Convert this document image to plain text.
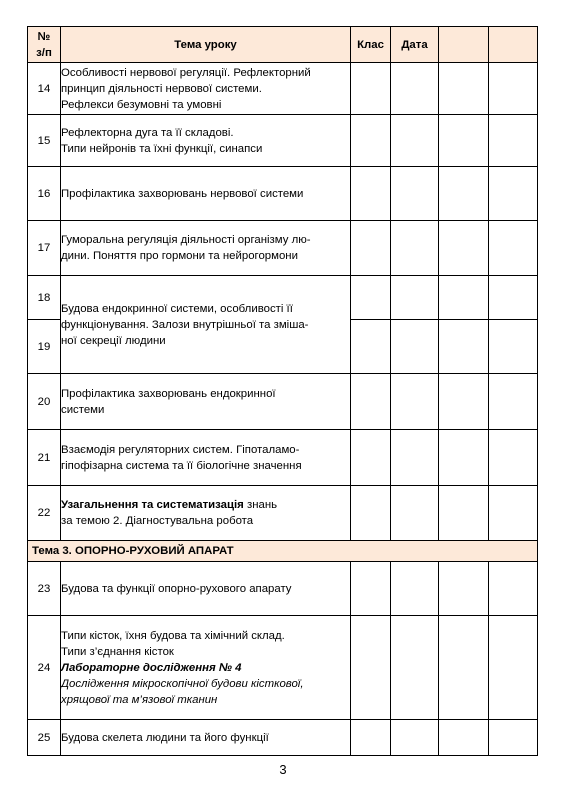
№
з/п	Тема уроку	Клас	Дата		
14	Особливості нервової регуляції. Рефлекторний
принцип діяльності нервової системи.
Рефлекси безумовні та умовні				
15	Рефлекторна дуга та її складові.
Типи нейронів та їхні функції, синапси				
16	Профілактика захворювань нервової системи				
17	Гуморальна регуляція діяльності організму лю-
дини. Поняття про гормони та нейрогормони				
18	Будова ендокринної системи, особливості її
функціонування. Залози внутрішньої та зміша-
ної секреції людини				
19					
20	Профілактика захворювань ендокринної
системи				
21	Взаємодія регуляторних систем. Гіпоталамо-
гіпофізарна система та її біологічне значення				
22	Узагальнення та систематизація знань
за темою 2. Діагностувальна робота				
Тема 3. ОПОРНО-РУХОВИЙ АПАРАТ					
23	Будова та функції опорно-рухового апарату				
24	Типи кісток, їхня будова та хімічний склад.
Типи з’єднання кісток
Лабораторне дослідження № 4
Дослідження мікроскопічної будови кісткової,
хрящової та м’язової тканин				
25	Будова скелета людини та його функції				
3
